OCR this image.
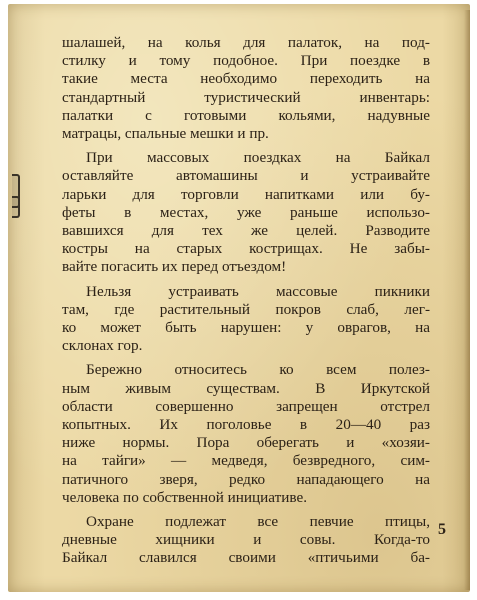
шалашей, на колья для палаток, на под-
стилку и тому подобное. При поездке в
такие места необходимо переходить на
стандартный туристический инвентарь:
палатки с готовыми кольями, надувные
матрацы, спальные мешки и пр.
При массовых поездках на Байкал
оставляйте автомашины и устраивайте
ларьки для торговли напитками или бу-
феты в местах, уже раньше использо-
вавшихся для тех же целей. Разводите
костры на старых кострищах. Не забы-
вайте погасить их перед отъездом!
Нельзя устраивать массовые пикники
там, где растительный покров слаб, лег-
ко может быть нарушен: у оврагов, на
склонах гор.
Бережно относитесь ко всем полез-
ным живым существам. В Иркутской
области совершенно запрещен отстрел
копытных. Их поголовье в 20—40 раз
ниже нормы. Пора оберегать и «хозяи-
на тайги» — медведя, безвредного, сим-
патичного зверя, редко нападающего на
человека по собственной инициативе.
Охране подлежат все певчие птицы,
дневные хищники и совы. Когда-то
Байкал славился своими «птичьими ба-
5
